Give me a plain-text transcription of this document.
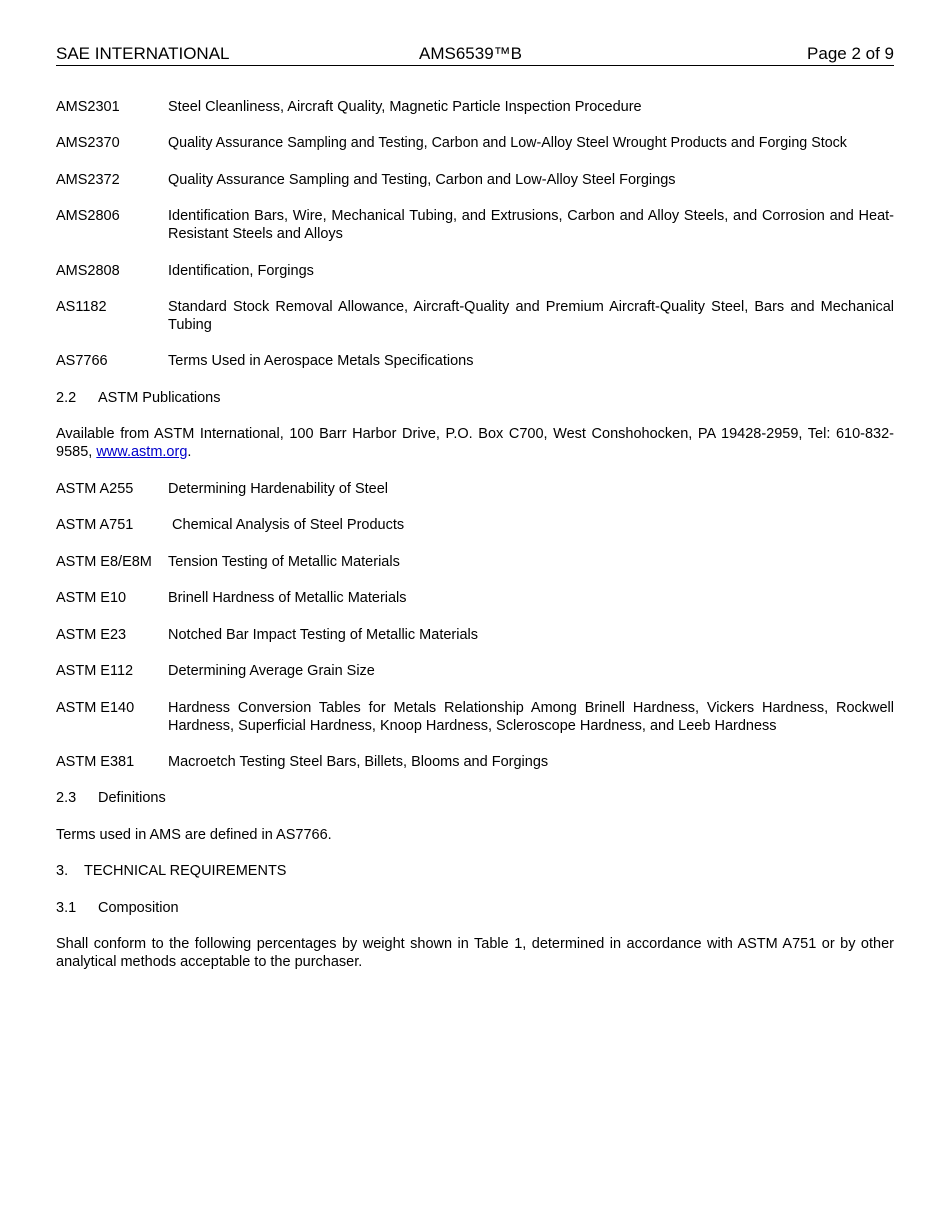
SAE INTERNATIONAL	AMS6539™B	Page 2 of 9
AMS2301	Steel Cleanliness, Aircraft Quality, Magnetic Particle Inspection Procedure
AMS2370	Quality Assurance Sampling and Testing, Carbon and Low-Alloy Steel Wrought Products and Forging Stock
AMS2372	Quality Assurance Sampling and Testing, Carbon and Low-Alloy Steel Forgings
AMS2806	Identification Bars, Wire, Mechanical Tubing, and Extrusions, Carbon and Alloy Steels, and Corrosion and Heat-Resistant Steels and Alloys
AMS2808	Identification, Forgings
AS1182	Standard Stock Removal Allowance, Aircraft-Quality and Premium Aircraft-Quality Steel, Bars and Mechanical Tubing
AS7766	Terms Used in Aerospace Metals Specifications
2.2 ASTM Publications
Available from ASTM International, 100 Barr Harbor Drive, P.O. Box C700, West Conshohocken, PA 19428-2959, Tel: 610-832-9585, www.astm.org.
ASTM A255 Determining Hardenability of Steel
ASTM A751 Chemical Analysis of Steel Products
ASTM E8/E8M Tension Testing of Metallic Materials
ASTM E10	Brinell Hardness of Metallic Materials
ASTM E23	Notched Bar Impact Testing of Metallic Materials
ASTM E112 Determining Average Grain Size
ASTM E140 Hardness Conversion Tables for Metals Relationship Among Brinell Hardness, Vickers Hardness, Rockwell Hardness, Superficial Hardness, Knoop Hardness, Scleroscope Hardness, and Leeb Hardness
ASTM E381 Macroetch Testing Steel Bars, Billets, Blooms and Forgings
2.3 Definitions
Terms used in AMS are defined in AS7766.
3. TECHNICAL REQUIREMENTS
3.1 Composition
Shall conform to the following percentages by weight shown in Table 1, determined in accordance with ASTM A751 or by other analytical methods acceptable to the purchaser.
